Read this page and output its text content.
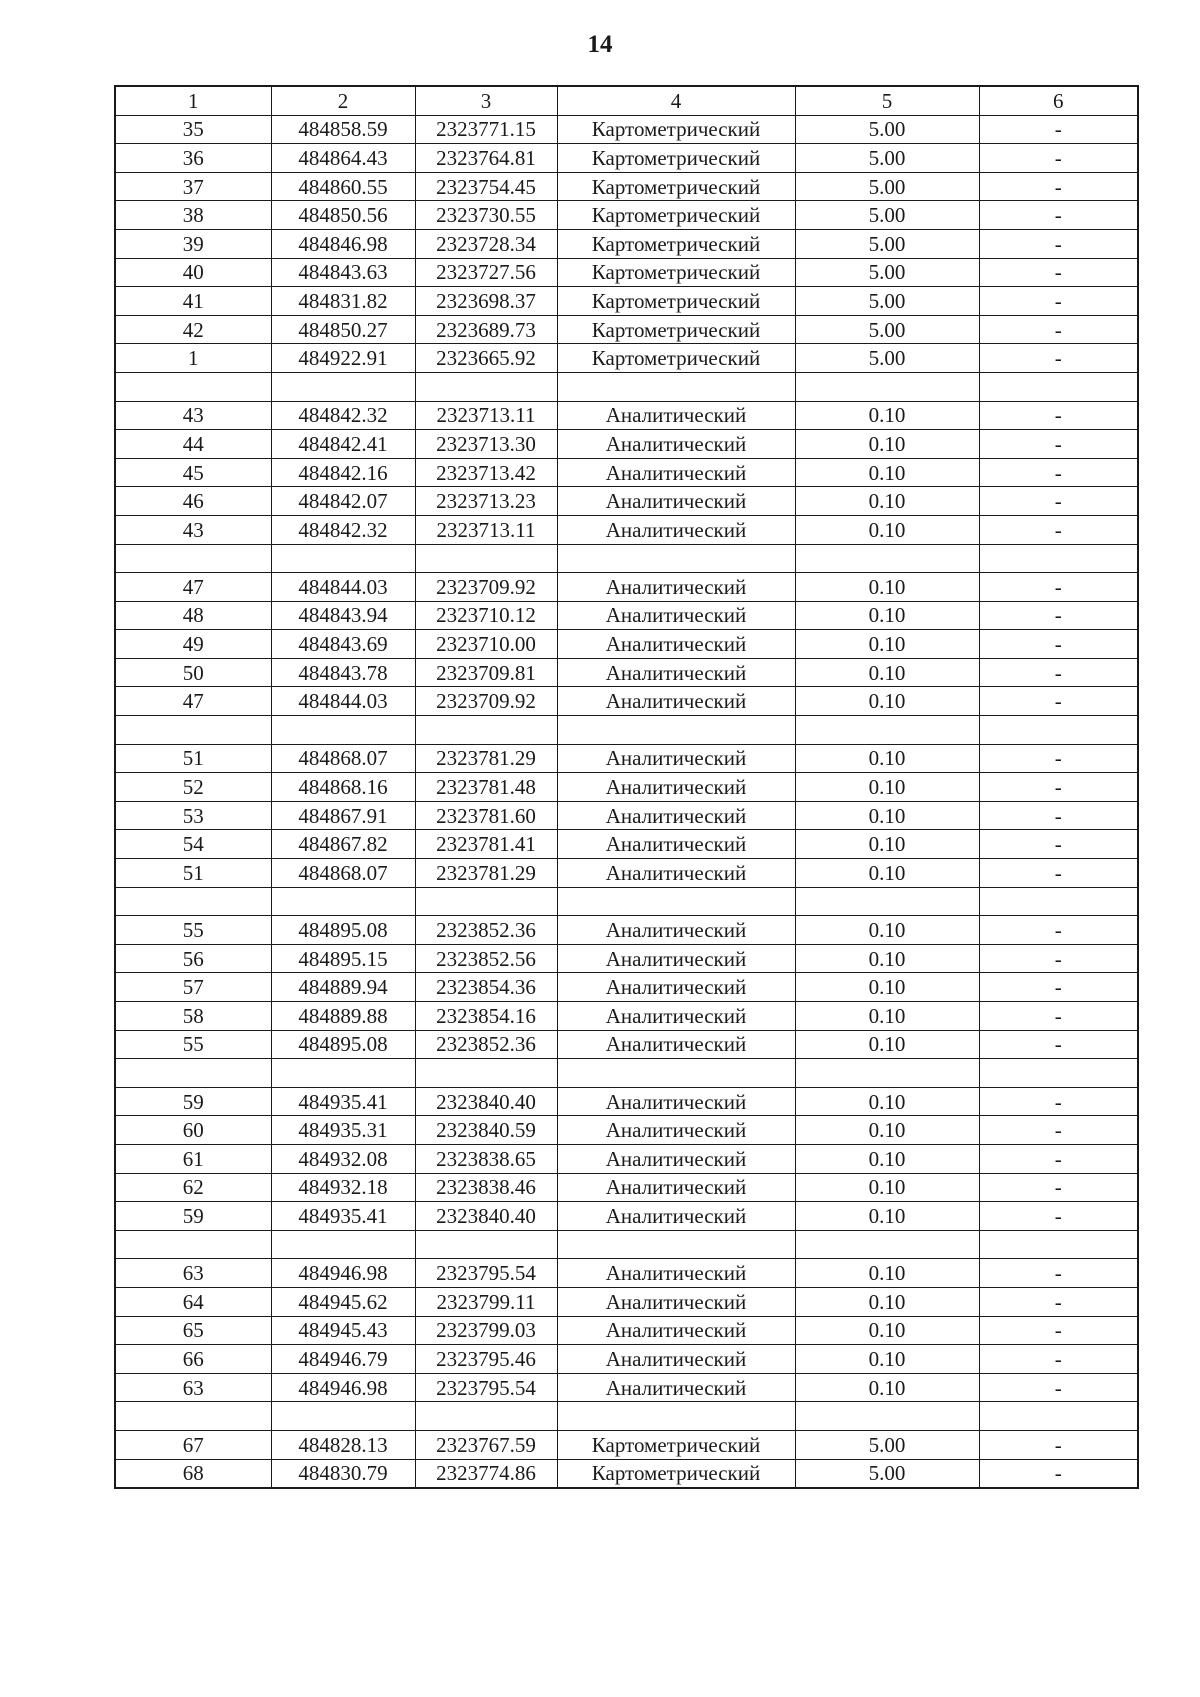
14
1	2	3	4	5	6
35	484858.59	2323771.15	Картометрический	5.00	-
36	484864.43	2323764.81	Картометрический	5.00	-
37	484860.55	2323754.45	Картометрический	5.00	-
38	484850.56	2323730.55	Картометрический	5.00	-
39	484846.98	2323728.34	Картометрический	5.00	-
40	484843.63	2323727.56	Картометрический	5.00	-
41	484831.82	2323698.37	Картометрический	5.00	-
42	484850.27	2323689.73	Картометрический	5.00	-
1	484922.91	2323665.92	Картометрический	5.00	-

43	484842.32	2323713.11	Аналитический	0.10	-
44	484842.41	2323713.30	Аналитический	0.10	-
45	484842.16	2323713.42	Аналитический	0.10	-
46	484842.07	2323713.23	Аналитический	0.10	-
43	484842.32	2323713.11	Аналитический	0.10	-

47	484844.03	2323709.92	Аналитический	0.10	-
48	484843.94	2323710.12	Аналитический	0.10	-
49	484843.69	2323710.00	Аналитический	0.10	-
50	484843.78	2323709.81	Аналитический	0.10	-
47	484844.03	2323709.92	Аналитический	0.10	-

51	484868.07	2323781.29	Аналитический	0.10	-
52	484868.16	2323781.48	Аналитический	0.10	-
53	484867.91	2323781.60	Аналитический	0.10	-
54	484867.82	2323781.41	Аналитический	0.10	-
51	484868.07	2323781.29	Аналитический	0.10	-

55	484895.08	2323852.36	Аналитический	0.10	-
56	484895.15	2323852.56	Аналитический	0.10	-
57	484889.94	2323854.36	Аналитический	0.10	-
58	484889.88	2323854.16	Аналитический	0.10	-
55	484895.08	2323852.36	Аналитический	0.10	-

59	484935.41	2323840.40	Аналитический	0.10	-
60	484935.31	2323840.59	Аналитический	0.10	-
61	484932.08	2323838.65	Аналитический	0.10	-
62	484932.18	2323838.46	Аналитический	0.10	-
59	484935.41	2323840.40	Аналитический	0.10	-

63	484946.98	2323795.54	Аналитический	0.10	-
64	484945.62	2323799.11	Аналитический	0.10	-
65	484945.43	2323799.03	Аналитический	0.10	-
66	484946.79	2323795.46	Аналитический	0.10	-
63	484946.98	2323795.54	Аналитический	0.10	-

67	484828.13	2323767.59	Картометрический	5.00	-
68	484830.79	2323774.86	Картометрический	5.00	-
